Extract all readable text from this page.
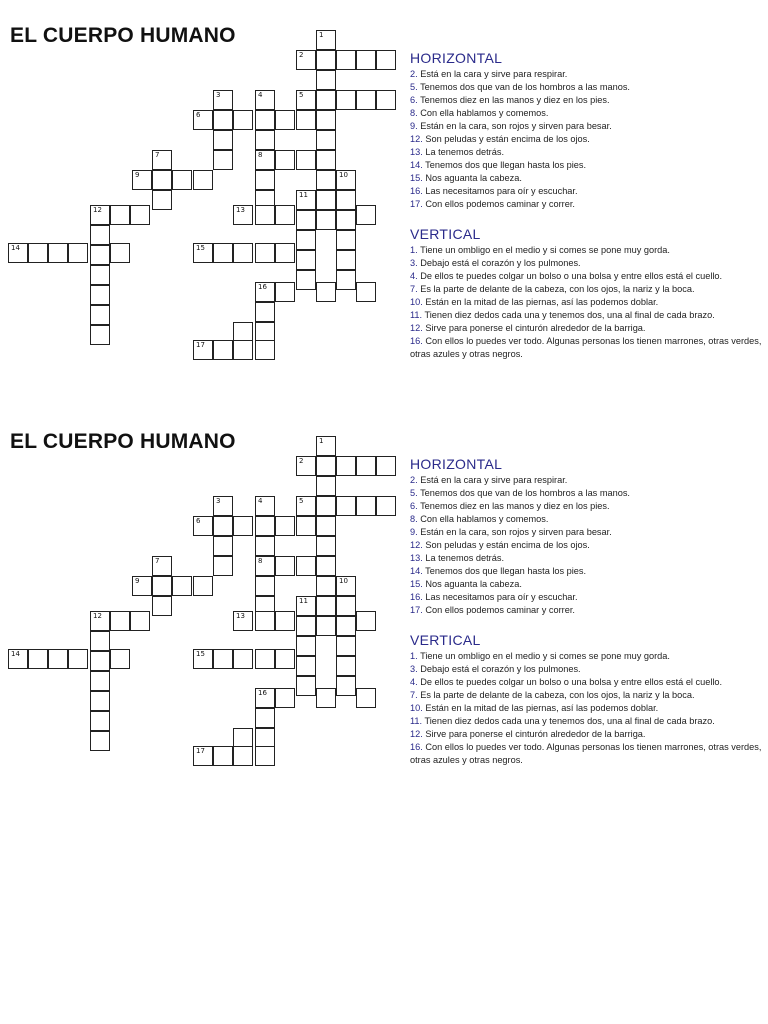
EL CUERPO HUMANO	1
2
5
3	4
8
6
7
9	10
11
12	13
14	15
16
17
HORIZONTAL
2. Está en la cara y sirve para respirar.
5. Tenemos dos que van de los hombros a las manos.
6. Tenemos diez en las manos y diez en los pies.
8. Con ella hablamos y comemos.
9. Están en la cara, son rojos y sirven para besar.
12. Son peludas y están encima de los ojos.
13. La tenemos detrás.
14. Tenemos dos que llegan hasta los pies.
15. Nos aguanta la cabeza.
16. Las necesitamos para oír y escuchar.
17. Con ellos podemos caminar y correr.
VERTICAL
1. Tiene un ombligo en el medio y si comes se pone muy gorda.
3. Debajo está el corazón y los pulmones.
4. De ellos te puedes colgar un bolso o una bolsa y entre ellos está el cuello.
7. Es la parte de delante de la cabeza, con los ojos, la nariz y la boca.
10. Están en la mitad de las piernas, así las podemos doblar.
11. Tienen diez dedos cada una y tenemos dos, una al final de cada brazo.
12. Sirve para ponerse el cinturón alrededor de la barriga.
16. Con ellos lo puedes ver todo. Algunas personas los tienen marrones, otras verdes, otras azules y otras negros.
EL CUERPO HUMANO	1
2
5
3	4
8
6
7
9	10
11
12	13
14	15
16
17
HORIZONTAL
2. Está en la cara y sirve para respirar.
5. Tenemos dos que van de los hombros a las manos.
6. Tenemos diez en las manos y diez en los pies.
8. Con ella hablamos y comemos.
9. Están en la cara, son rojos y sirven para besar.
12. Son peludas y están encima de los ojos.
13. La tenemos detrás.
14. Tenemos dos que llegan hasta los pies.
15. Nos aguanta la cabeza.
16. Las necesitamos para oír y escuchar.
17. Con ellos podemos caminar y correr.
VERTICAL
1. Tiene un ombligo en el medio y si comes se pone muy gorda.
3. Debajo está el corazón y los pulmones.
4. De ellos te puedes colgar un bolso o una bolsa y entre ellos está el cuello.
7. Es la parte de delante de la cabeza, con los ojos, la nariz y la boca.
10. Están en la mitad de las piernas, así las podemos doblar.
11. Tienen diez dedos cada una y tenemos dos, una al final de cada brazo.
12. Sirve para ponerse el cinturón alrededor de la barriga.
16. Con ellos lo puedes ver todo. Algunas personas los tienen marrones, otras verdes, otras azules y otras negros.
